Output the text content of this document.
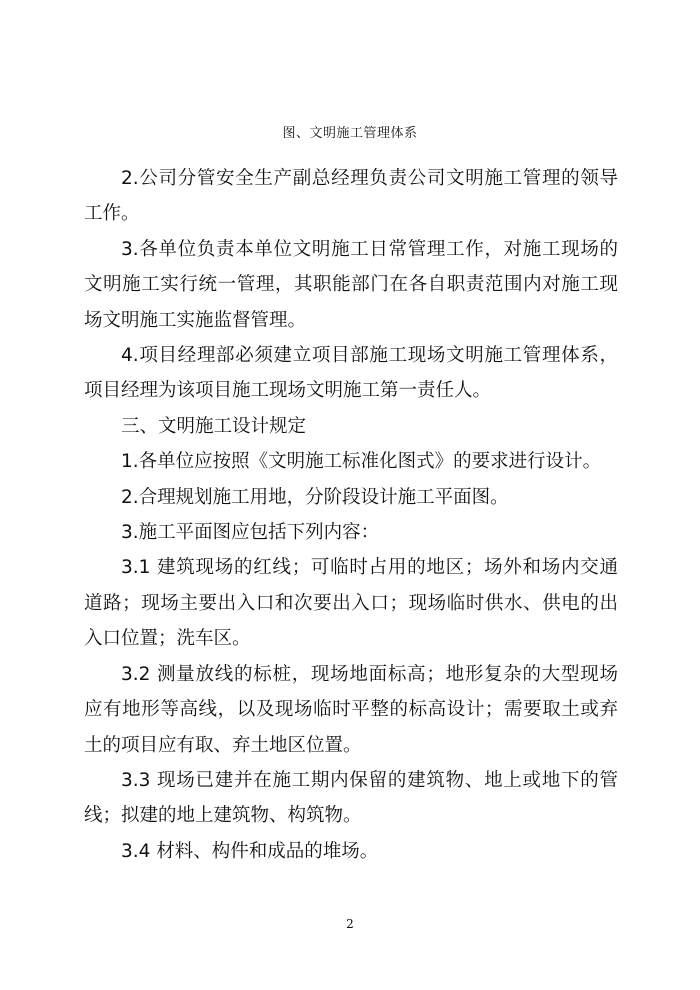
图、文明施工管理体系

2.公司分管安全生产副总经理负责公司文明施工管理的领导工作。

3.各单位负责本单位文明施工日常管理工作，对施工现场的文明施工实行统一管理，其职能部门在各自职责范围内对施工现场文明施工实施监督管理。

4.项目经理部必须建立项目部施工现场文明施工管理体系，项目经理为该项目施工现场文明施工第一责任人。

三、文明施工设计规定

1.各单位应按照《文明施工标准化图式》的要求进行设计。

2.合理规划施工用地，分阶段设计施工平面图。

3.施工平面图应包括下列内容：

3.1 建筑现场的红线；可临时占用的地区；场外和场内交通道路；现场主要出入口和次要出入口；现场临时供水、供电的出入口位置；洗车区。

3.2 测量放线的标桩，现场地面标高；地形复杂的大型现场应有地形等高线，以及现场临时平整的标高设计；需要取土或弃土的项目应有取、弃土地区位置。

3.3 现场已建并在施工期内保留的建筑物、地上或地下的管线；拟建的地上建筑物、构筑物。

3.4 材料、构件和成品的堆场。

2
